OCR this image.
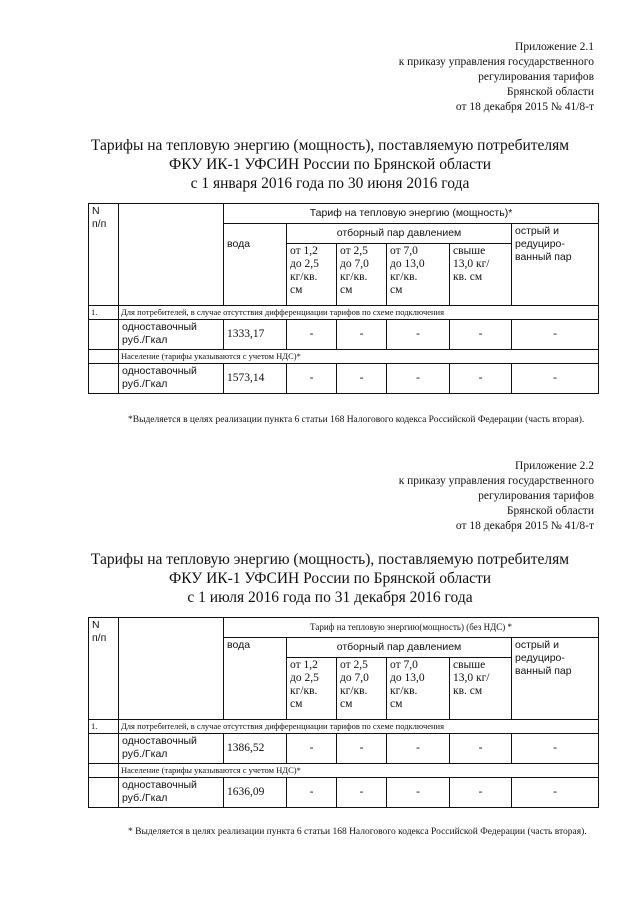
Приложение 2.1
к приказу управления государственного
регулирования тарифов
Брянской области
от 18 декабря 2015 № 41/8-т
Тарифы на тепловую энергию (мощность), поставляемую потребителям
ФКУ ИК-1 УФСИН России по Брянской области
с 1 января 2016 года по 30 июня 2016 года
N
п/п		Тариф на тепловую энергию (мощность)*					
		вода	отборный пар давлением				острый и
редуциро-
ванный пар
			от 1,2
до 2,5
кг/кв.
см	от 2,5
до 7,0
кг/кв.
см	от 7,0
до 13,0
кг/кв.
см	свыше
13,0 кг/
кв. см	
1.	Для потребителей, в случае отсутствия дифференциации тарифов по схеме подключения						
	одноставочный
руб./Гкал	1333,17	-	-	-	-	-
	Население (тарифы указываются с учетом НДС)*						
	одноставочный
руб./Гкал	1573,14	-	-	-	-	-
*Выделяется в целях реализации пункта 6 статьи 168 Налогового кодекса Российской Федерации (часть вторая).
Приложение 2.2
к приказу управления государственного
регулирования тарифов
Брянской области
от 18 декабря 2015 № 41/8-т
Тарифы на тепловую энергию (мощность), поставляемую потребителям
ФКУ ИК-1 УФСИН России по Брянской области
с 1 июля 2016 года по 31 декабря 2016 года
N
п/п		Тариф на тепловую энергию(мощность) (без НДС) *					
		вода	отборный пар давлением				острый и
редуциро-
ванный пар
			от 1,2
до 2,5
кг/кв.
см	от 2,5
до 7,0
кг/кв.
см	от 7,0
до 13,0
кг/кв.
см	свыше
13,0 кг/
кв. см	
1.	Для потребителей, в случае отсутствия дифференциации тарифов по схеме подключения						
	одноставочный
руб./Гкал	1386,52	-	-	-	-	-
	Население (тарифы указываются с учетом НДС)*						
	одноставочный
руб./Гкал	1636,09	-	-	-	-	-
* Выделяется в целях реализации пункта 6 статьи 168 Налогового кодекса Российской Федерации (часть вторая).
